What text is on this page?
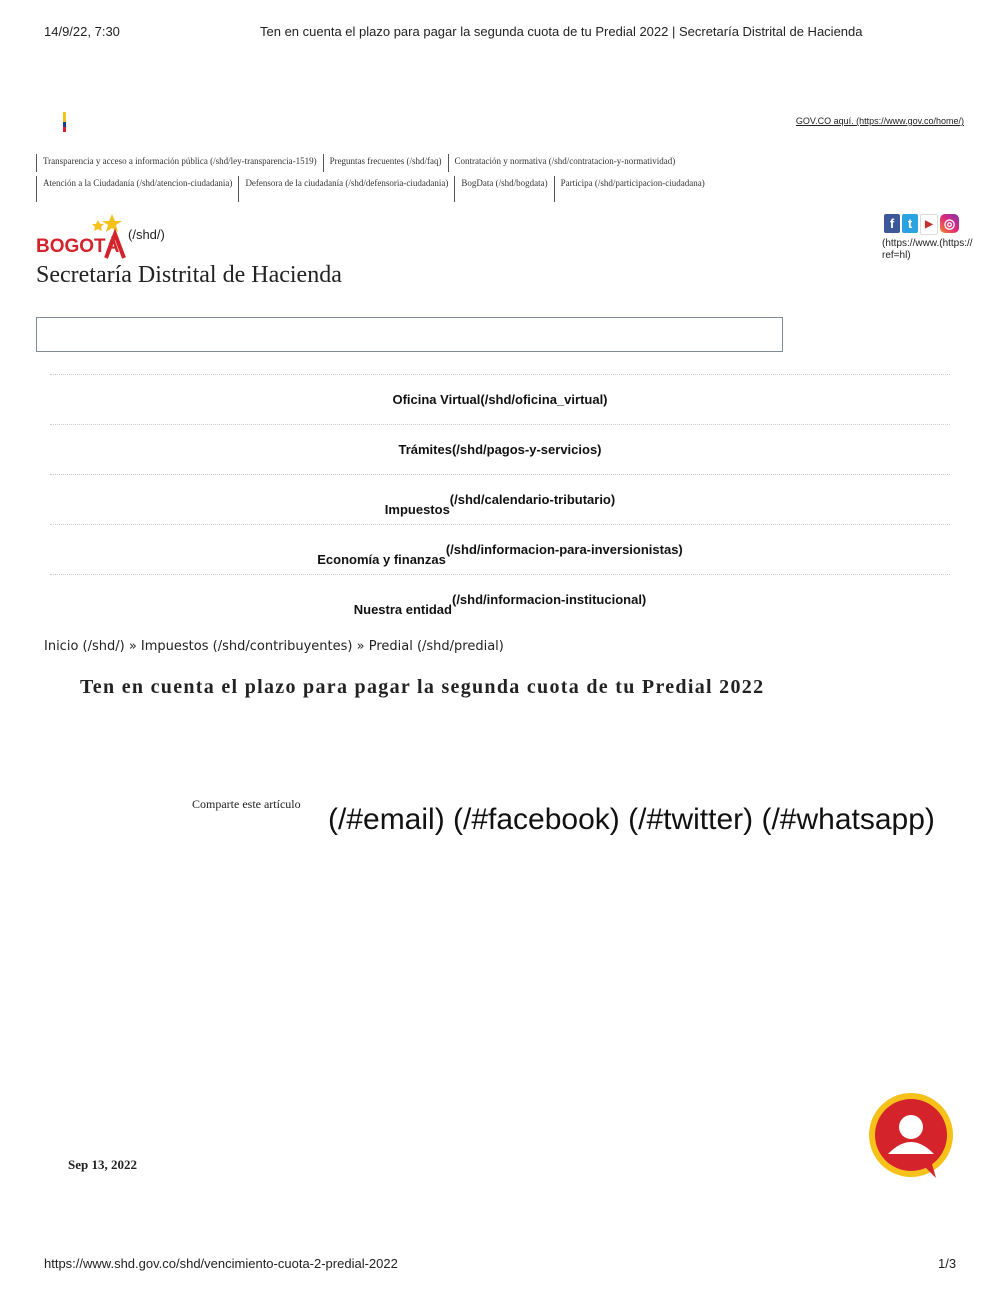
14/9/22, 7:30	Ten en cuenta el plazo para pagar la segunda cuota de tu Predial 2022 | Secretaría Distrital de Hacienda
GOV.CO aquí. (https://www.gov.co/home/)
Transparencia y acceso a información pública (/shd/ley-transparencia-1519)	Preguntas frecuentes (/shd/faq)	Contratación y normativa (/shd/contratacion-y-normatividad)
Atención a la Ciudadanía (/shd/atencion-ciudadania)	Defensora de la ciudadanía (/shd/defensoria-ciudadania)	BogData (/shd/bogdata)	Participa (/shd/participacion-ciudadana)
BOGOTÁ
(/shd/)
Secretaría Distrital de Hacienda
f	t	▶ ◎
(https://www.(https://
ref=hl)
Oficina Virtual (/shd/oficina_virtual)
Trámites (/shd/pagos-y-servicios)
Impuestos
(/shd/calendario-tributario)
Economía y finanzas
(/shd/informacion-para-inversionistas)
Nuestra entidad
(/shd/informacion-institucional)
Inicio (/shd/) » Impuestos (/shd/contribuyentes) » Predial (/shd/predial)
Ten en cuenta el plazo para pagar la segunda cuota de tu Predial 2022
Comparte este artículo (/#email) (/#facebook) (/#twitter) (/#whatsapp)
Sep 13, 2022
https://www.shd.gov.co/shd/vencimiento-cuota-2-predial-2022	1/3
